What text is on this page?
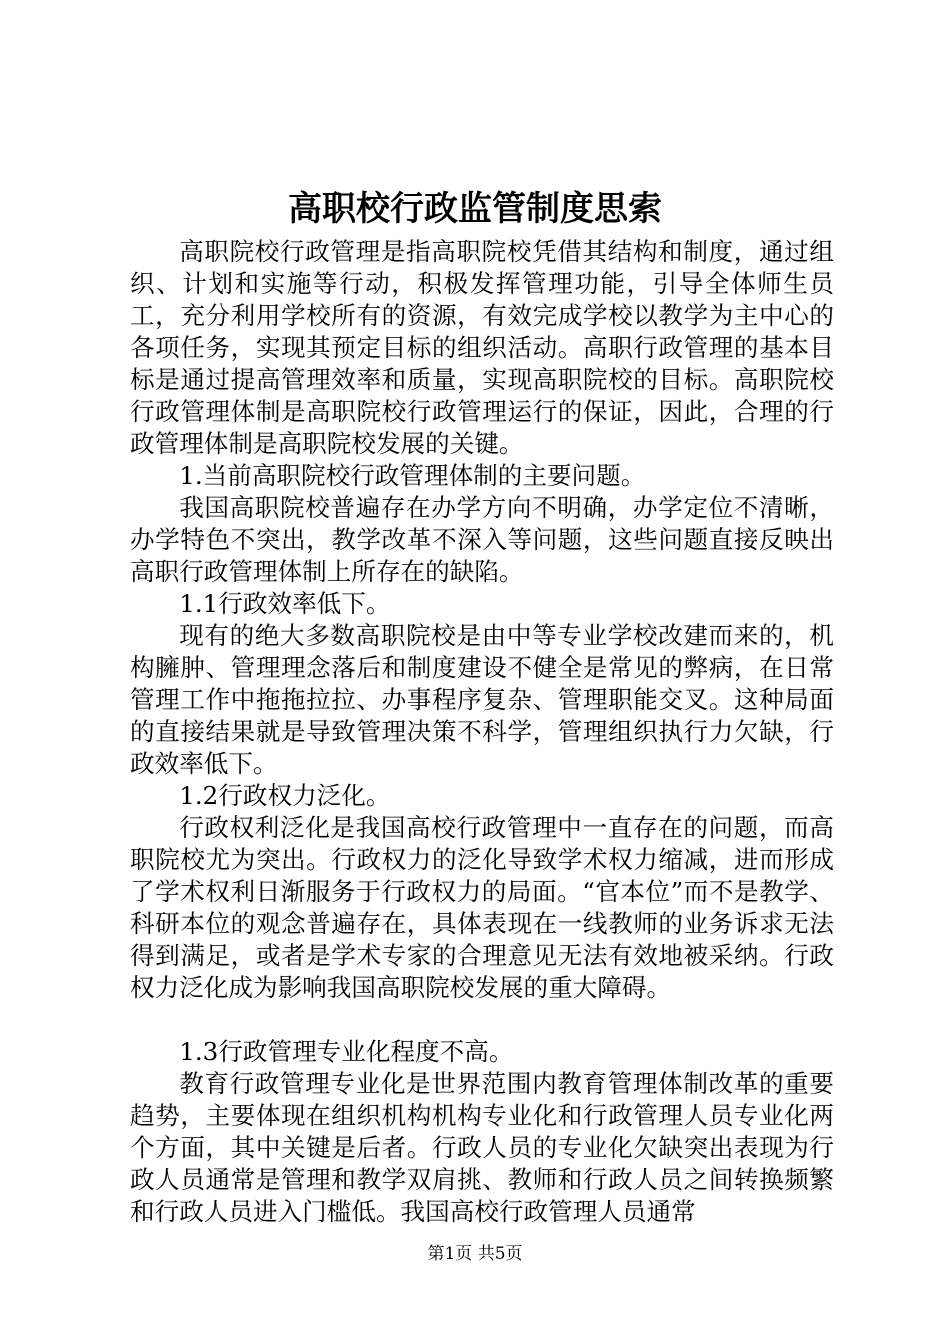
高职校行政监管制度思索

高职院校行政管理是指高职院校凭借其结构和制度，通过组织、计划和实施等行动，积极发挥管理功能，引导全体师生员工，充分利用学校所有的资源，有效完成学校以教学为主中心的各项任务，实现其预定目标的组织活动。高职行政管理的基本目标是通过提高管理效率和质量，实现高职院校的目标。高职院校行政管理体制是高职院校行政管理运行的保证，因此，合理的行政管理体制是高职院校发展的关键。

1.当前高职院校行政管理体制的主要问题。

我国高职院校普遍存在办学方向不明确，办学定位不清晰，办学特色不突出，教学改革不深入等问题，这些问题直接反映出高职行政管理体制上所存在的缺陷。

1.1行政效率低下。

现有的绝大多数高职院校是由中等专业学校改建而来的，机构臃肿、管理理念落后和制度建设不健全是常见的弊病，在日常管理工作中拖拖拉拉、办事程序复杂、管理职能交叉。这种局面的直接结果就是导致管理决策不科学，管理组织执行力欠缺，行政效率低下。

1.2行政权力泛化。

行政权利泛化是我国高校行政管理中一直存在的问题，而高职院校尤为突出。行政权力的泛化导致学术权力缩减，进而形成了学术权利日渐服务于行政权力的局面。“官本位”而不是教学、科研本位的观念普遍存在，具体表现在一线教师的业务诉求无法得到满足，或者是学术专家的合理意见无法有效地被采纳。行政权力泛化成为影响我国高职院校发展的重大障碍。

1.3行政管理专业化程度不高。

教育行政管理专业化是世界范围内教育管理体制改革的重要趋势，主要体现在组织机构机构专业化和行政管理人员专业化两个方面，其中关键是后者。行政人员的专业化欠缺突出表现为行政人员通常是管理和教学双肩挑、教师和行政人员之间转换频繁和行政人员进入门槛低。我国高校行政管理人员通常

第1页 共5页
